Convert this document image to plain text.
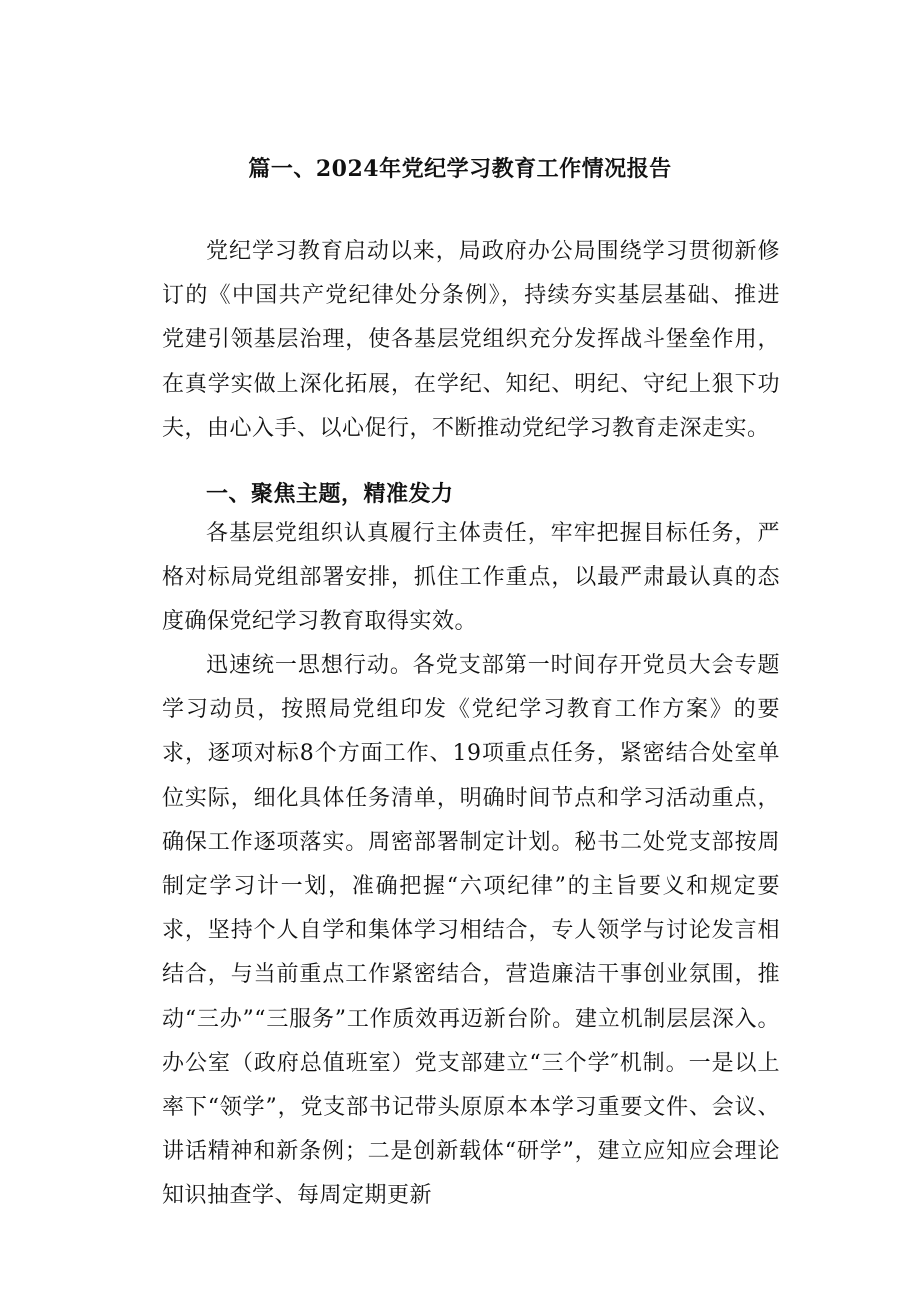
篇一、2024年党纪学习教育工作情况报告

党纪学习教育启动以来，局政府办公局围绕学习贯彻新修订的《中国共产党纪律处分条例》，持续夯实基层基础、推进党建引领基层治理，使各基层党组织充分发挥战斗堡垒作用，在真学实做上深化拓展，在学纪、知纪、明纪、守纪上狠下功夫，由心入手、以心促行，不断推动党纪学习教育走深走实。

一、聚焦主题，精准发力

各基层党组织认真履行主体责任，牢牢把握目标任务，严格对标局党组部署安排，抓住工作重点，以最严肃最认真的态度确保党纪学习教育取得实效。

迅速统一思想行动。各党支部第一时间存开党员大会专题学习动员，按照局党组印发《党纪学习教育工作方案》的要求，逐项对标8个方面工作、19项重点任务，紧密结合处室单位实际，细化具体任务清单，明确时间节点和学习活动重点，确保工作逐项落实。周密部署制定计划。秘书二处党支部按周制定学习计一划，准确把握“六项纪律”的主旨要义和规定要求，坚持个人自学和集体学习相结合，专人领学与讨论发言相结合，与当前重点工作紧密结合，营造廉洁干事创业氛围，推动“三办”“三服务”工作质效再迈新台阶。建立机制层层深入。办公室（政府总值班室）党支部建立“三个学″机制。一是以上率下“领学”，党支部书记带头原原本本学习重要文件、会议、讲话精神和新条例；二是创新载体“研学”，建立应知应会理论知识抽查学、每周定期更新
